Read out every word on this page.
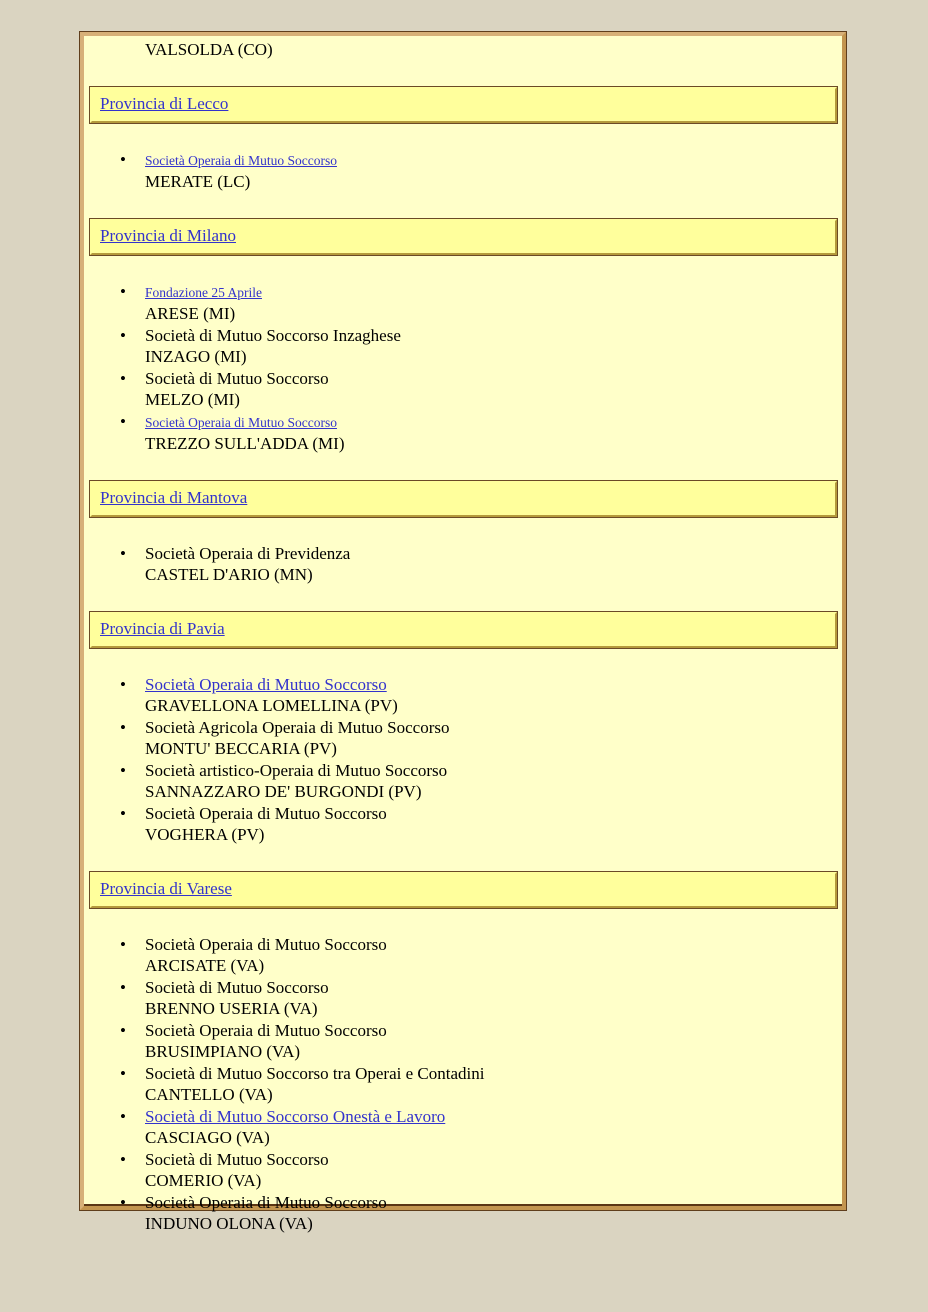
VALSOLDA (CO)
Provincia di Lecco
• Società Operaia di Mutuo Soccorso
MERATE (LC)
Provincia di Milano
• Fondazione 25 Aprile
ARESE (MI)
• Società di Mutuo Soccorso Inzaghese
INZAGO (MI)
• Società di Mutuo Soccorso
MELZO (MI)
• Società Operaia di Mutuo Soccorso
TREZZO SULL'ADDA (MI)
Provincia di Mantova
• Società Operaia di Previdenza
CASTEL D'ARIO (MN)
Provincia di Pavia
• Società Operaia di Mutuo Soccorso
GRAVELLONA LOMELLINA (PV)
• Società Agricola Operaia di Mutuo Soccorso
MONTU' BECCARIA (PV)
• Società artistico-Operaia di Mutuo Soccorso
SANNAZZARO DE' BURGONDI (PV)
• Società Operaia di Mutuo Soccorso
VOGHERA (PV)
Provincia di Varese
• Società Operaia di Mutuo Soccorso
ARCISATE (VA)
• Società di Mutuo Soccorso
BRENNO USERIA (VA)
• Società Operaia di Mutuo Soccorso
BRUSIMPIANO (VA)
• Società di Mutuo Soccorso tra Operai e Contadini
CANTELLO (VA)
• Società di Mutuo Soccorso Onestà e Lavoro
CASCIAGO (VA)
• Società di Mutuo Soccorso
COMERIO (VA)
• Società Operaia di Mutuo Soccorso
INDUNO OLONA (VA)
